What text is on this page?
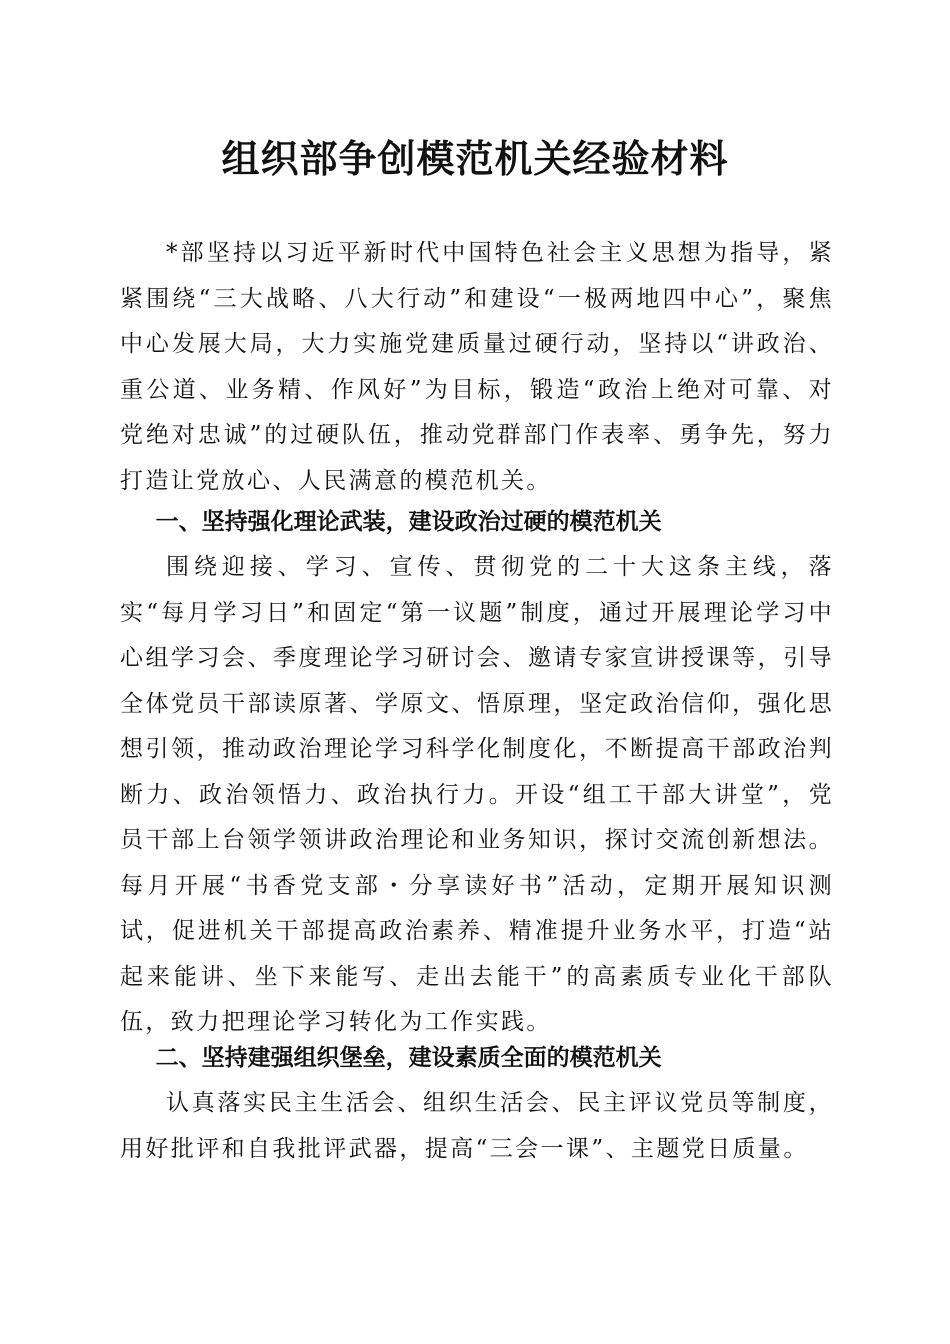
组织部争创模范机关经验材料

*部坚持以习近平新时代中国特色社会主义思想为指导，紧紧围绕“三大战略、八大行动”和建设“一极两地四中心”，聚焦中心发展大局，大力实施党建质量过硬行动，坚持以“讲政治、重公道、业务精、作风好”为目标，锻造“政治上绝对可靠、对党绝对忠诚”的过硬队伍，推动党群部门作表率、勇争先，努力打造让党放心、人民满意的模范机关。

一、坚持强化理论武装，建设政治过硬的模范机关

围绕迎接、学习、宣传、贯彻党的二十大这条主线，落实“每月学习日”和固定“第一议题”制度，通过开展理论学习中心组学习会、季度理论学习研讨会、邀请专家宣讲授课等，引导全体党员干部读原著、学原文、悟原理，坚定政治信仰，强化思想引领，推动政治理论学习科学化制度化，不断提高干部政治判断力、政治领悟力、政治执行力。开设“组工干部大讲堂”，党员干部上台领学领讲政治理论和业务知识，探讨交流创新想法。每月开展“书香党支部・分享读好书”活动，定期开展知识测试，促进机关干部提高政治素养、精准提升业务水平，打造“站起来能讲、坐下来能写、走出去能干”的高素质专业化干部队伍，致力把理论学习转化为工作实践。

二、坚持建强组织堡垒，建设素质全面的模范机关

认真落实民主生活会、组织生活会、民主评议党员等制度，用好批评和自我批评武器，提高“三会一课”、主题党日质量。
